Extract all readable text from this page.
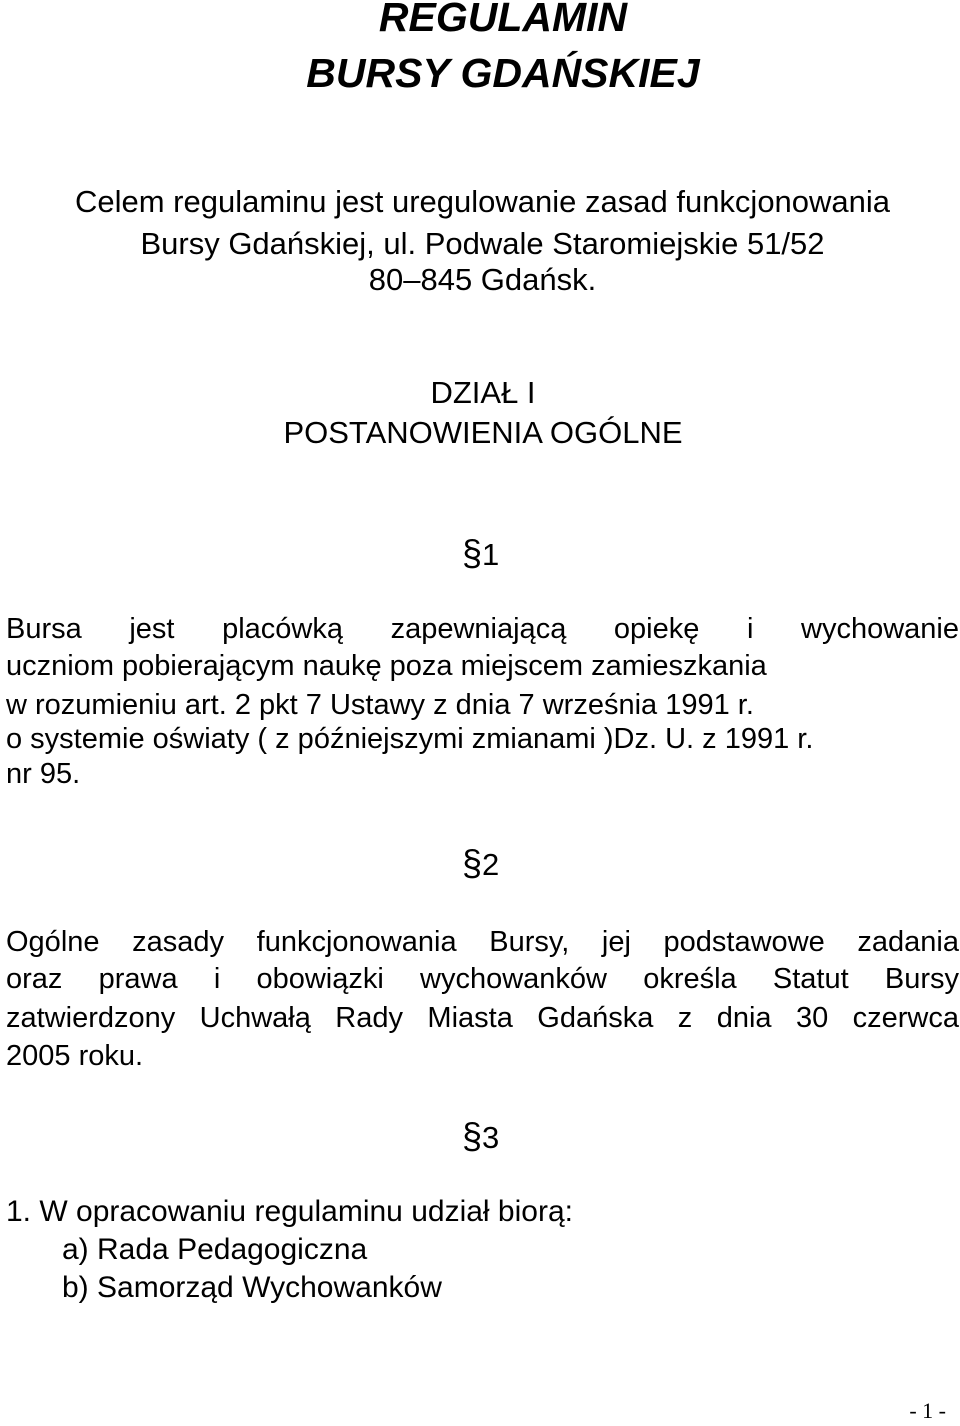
REGULAMIN
BURSY GDAŃSKIEJ
Celem regulaminu jest uregulowanie zasad funkcjonowania
Bursy Gdańskiej, ul. Podwale Staromiejskie 51/52
80–845 Gdańsk.
DZIAŁ I
POSTANOWIENIA OGÓLNE
§1
Bursa jest placówką zapewniającą opiekę i wychowanie
uczniom pobierającym naukę poza miejscem zamieszkania
w rozumieniu art. 2 pkt 7 Ustawy z dnia 7 września 1991 r.
o systemie oświaty ( z późniejszymi zmianami )Dz. U. z 1991 r.
nr 95.
§2
Ogólne zasady funkcjonowania Bursy, jej podstawowe zadania
oraz prawa i obowiązki wychowanków określa Statut Bursy
zatwierdzony Uchwałą Rady Miasta Gdańska z dnia 30 czerwca
2005 roku.
§3
1. W opracowaniu regulaminu udział biorą:
a) Rada Pedagogiczna
b) Samorząd Wychowanków
- 1 -
